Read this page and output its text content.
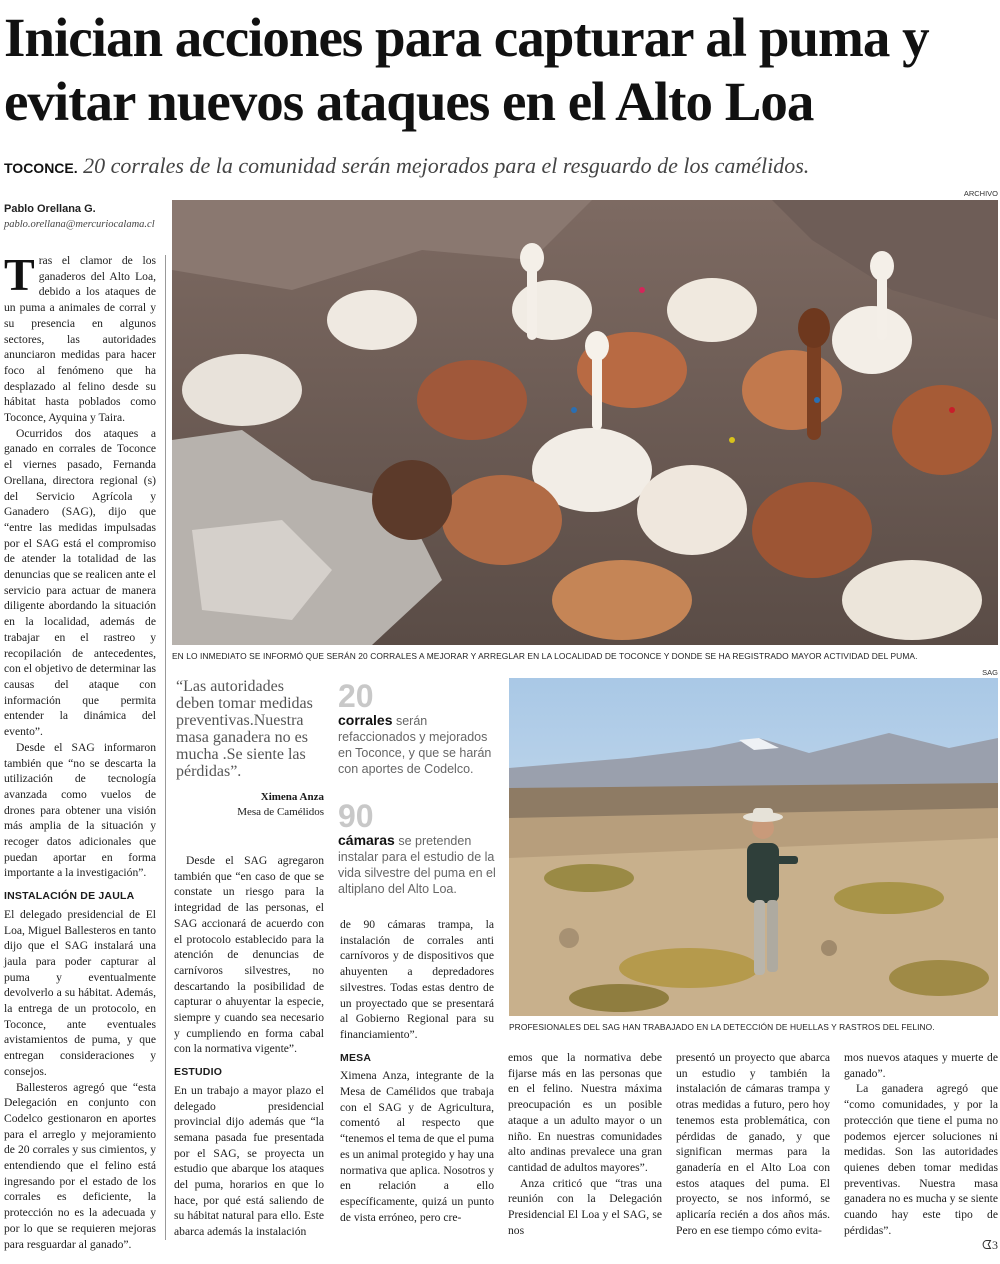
Inician acciones para capturar al puma y evitar nuevos ataques en el Alto Loa
TOCONCE. 20 corrales de la comunidad serán mejorados para el resguardo de los camélidos.
Pablo Orellana G.
pablo.orellana@mercuriocalama.cl
ARCHIVO
EN LO INMEDIATO SE INFORMÓ QUE SERÁN 20 CORRALES A MEJORAR Y ARREGLAR EN LA LOCALIDAD DE TOCONCE Y DONDE SE HA REGISTRADO MAYOR ACTIVIDAD DEL PUMA.
SAG
PROFESIONALES DEL SAG HAN TRABAJADO EN LA DETECCIÓN DE HUELLAS Y RASTROS DEL FELINO.

Tras el clamor de los ganaderos del Alto Loa, debido a los ataques de un puma a animales de corral y su presencia en algunos sectores, las autoridades anunciaron medidas para hacer foco al fenómeno que ha desplazado al felino desde su hábitat hasta poblados como Toconce, Ayquina y Taira.

Ocurridos dos ataques a ganado en corrales de Toconce el viernes pasado, Fernanda Orellana, directora regional (s) del Servicio Agrícola y Ganadero (SAG), dijo que “entre las medidas impulsadas por el SAG está el compromiso de atender la totalidad de las denuncias que se realicen ante el servicio para actuar de manera diligente abordando la situación en la localidad, además de trabajar en el rastreo y recopilación de antecedentes, con el objetivo de determinar las causas del ataque con información que permita entender la dinámica del evento”.

Desde el SAG informaron también que “no se descarta la utilización de tecnología avanzada como vuelos de drones para obtener una visión más amplia de la situación y recoger datos adicionales que puedan aportar en forma importante a la investigación”.

INSTALACIÓN DE JAULA

El delegado presidencial de El Loa, Miguel Ballesteros en tanto dijo que el SAG instalará una jaula para poder capturar al puma y eventualmente devolverlo a su hábitat. Además, la entrega de un protocolo, en Toconce, ante eventuales avistamientos de puma, y que entregan consideraciones y consejos.

Ballesteros agregó que “esta Delegación en conjunto con Codelco gestionaron en aportes para el arreglo y mejoramiento de 20 corrales y sus cimientos, y entendiendo que el felino está ingresando por el estado de los corrales es deficiente, la protección no es la adecuada y por lo que se requieren mejoras para resguardar al ganado”.

“Las autoridades deben tomar medidas preventivas.Nuestra masa ganadera no es mucha .Se siente las pérdidas”.
Ximena Anza
Mesa de Camélidos
20
corrales serán refaccionados y mejorados en Toconce, y que se harán con aportes de Codelco.
90
cámaras se pretenden instalar para el estudio de la vida silvestre del puma en el altiplano del Alto Loa.

Desde el SAG agregaron también que “en caso de que se constate un riesgo para la integridad de las personas, el SAG accionará de acuerdo con el protocolo establecido para la atención de denuncias de carnívoros silvestres, no descartando la posibilidad de capturar o ahuyentar la especie, siempre y cuando sea necesario y cumpliendo en forma cabal con la normativa vigente”.

ESTUDIO

En un trabajo a mayor plazo el delegado presidencial provincial dijo además que “la semana pasada fue presentada por el SAG, se proyecta un estudio que abarque los ataques del puma, horarios en que lo hace, por qué está saliendo de su hábitat natural para ello. Este abarca además la instalación

de 90 cámaras trampa, la instalación de corrales anti carnívoros y de dispositivos que ahuyenten a depredadores silvestres. Todas estas dentro de un proyectado que se presentará al Gobierno Regional para su financiamiento”.

MESA

Ximena Anza, integrante de la Mesa de Camélidos que trabaja con el SAG y de Agricultura, comentó al respecto que “tenemos el tema de que el puma es un animal protegido y hay una normativa que aplica. Nosotros y en relación a ello específicamente, quizá un punto de vista erróneo, pero cre-

emos que la normativa debe fijarse más en las personas que en el felino. Nuestra máxima preocupación es un posible ataque a un adulto mayor o un niño. En nuestras comunidades alto andinas prevalece una gran cantidad de adultos mayores”.

Anza criticó que “tras una reunión con la Delegación Presidencial El Loa y el SAG, se nos

presentó un proyecto que abarca un estudio y también la instalación de cámaras trampa y otras medidas a futuro, pero hoy tenemos esta problemática, con pérdidas de ganado, y que significan mermas para la ganadería en el Alto Loa con estos ataques del puma. El proyecto, se nos informó, se aplicaría recién a dos años más. Pero en ese tiempo cómo evita-

mos nuevos ataques y muerte de ganado”.

La ganadera agregó que “como comunidades, y por la protección que tiene el puma no podemos ejercer soluciones ni medidas. Son las autoridades quienes deben tomar medidas preventivas. Nuestra masa ganadera no es mucha y se siente cuando hay este tipo de pérdidas”.

ᗧ3
